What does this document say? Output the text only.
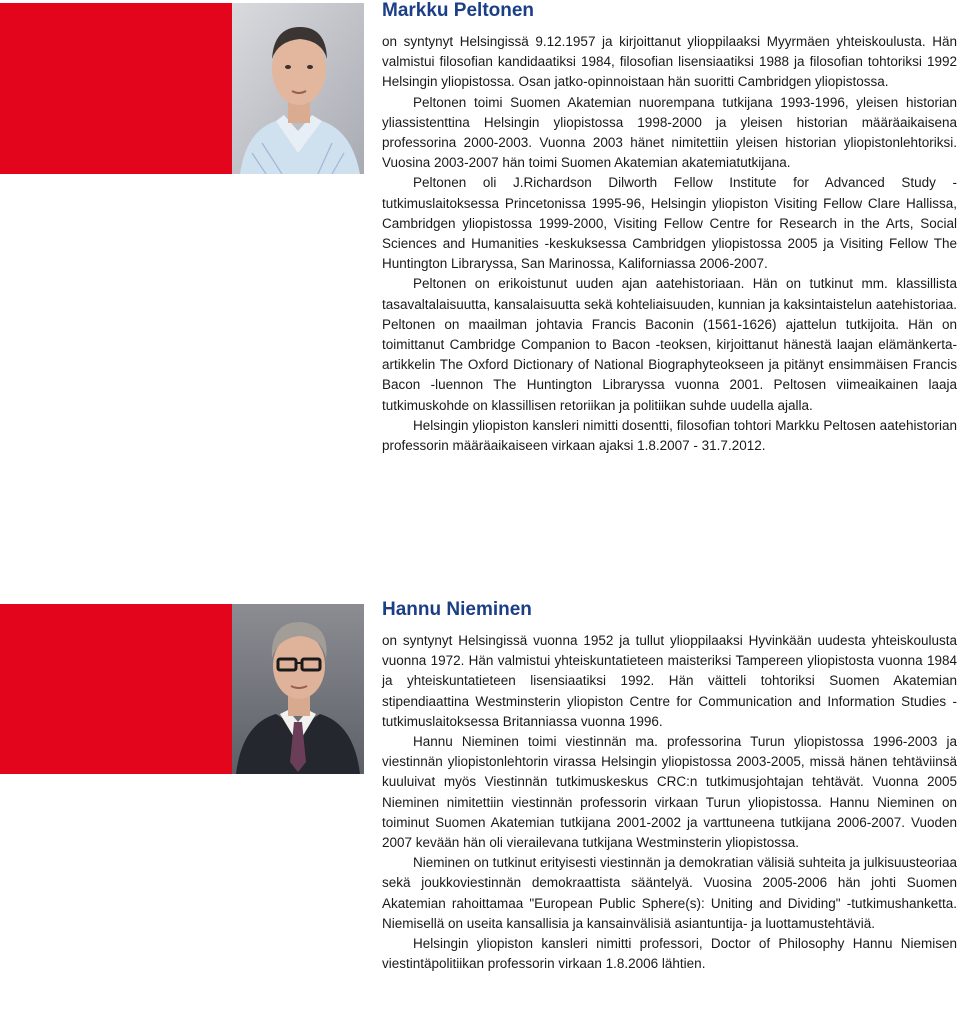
Markku Peltonen

on syntynyt Helsingissä 9.12.1957 ja kirjoittanut ylioppilaaksi Myyrmäen yhteiskoulusta. Hän valmistui filosofian kandidaatiksi 1984, filosofian lisensiaatiksi 1988 ja filosofian tohtoriksi 1992 Helsingin yliopistossa. Osan jatko-opinnoistaan hän suoritti Cambridgen yliopistossa.

Peltonen toimi Suomen Akatemian nuorempana tutkijana 1993-1996, yleisen historian yliassistenttina Helsingin yliopistossa 1998-2000 ja yleisen historian määräaikaisena professorina 2000-2003. Vuonna 2003 hänet nimitettiin yleisen historian yliopistonlehtoriksi. Vuosina 2003-2007 hän toimi Suomen Akatemian akatemiatutkijana.

Peltonen oli J.Richardson Dilworth Fellow Institute for Advanced Study -tutkimuslaitoksessa Princetonissa 1995-96, Helsingin yliopiston Visiting Fellow Clare Hallissa, Cambridgen yliopistossa 1999-2000, Visiting Fellow Centre for Research in the Arts, Social Sciences and Humanities -keskuksessa Cambridgen yliopistossa 2005 ja Visiting Fellow The Huntington Libraryssa, San Marinossa, Kaliforniassa 2006-2007.

Peltonen on erikoistunut uuden ajan aatehistoriaan. Hän on tutkinut mm. klassillista tasavaltalaisuutta, kansalaisuutta sekä kohteliaisuuden, kunnian ja kaksintaistelun aatehistoriaa. Peltonen on maailman johtavia Francis Baconin (1561-1626) ajattelun tutkijoita. Hän on toimittanut Cambridge Companion to Bacon -teoksen, kirjoittanut hänestä laajan elämänkerta-artikkelin The Oxford Dictionary of National Biographyteokseen ja pitänyt ensimmäisen Francis Bacon -luennon The Huntington Libraryssa vuonna 2001. Peltosen viimeaikainen laaja tutkimuskohde on klassillisen retoriikan ja politiikan suhde uudella ajalla.

Helsingin yliopiston kansleri nimitti dosentti, filosofian tohtori Markku Peltosen aatehistorian professorin määräaikaiseen virkaan ajaksi 1.8.2007 - 31.7.2012.

Hannu Nieminen

on syntynyt Helsingissä vuonna 1952 ja tullut ylioppilaaksi Hyvinkään uudesta yhteiskoulusta vuonna 1972. Hän valmistui yhteiskuntatieteen maisteriksi Tampereen yliopistosta vuonna 1984 ja yhteiskuntatieteen lisensiaatiksi 1992. Hän väitteli tohtoriksi Suomen Akatemian stipendiaattina Westminsterin yliopiston Centre for Communication and Information Studies -tutkimuslaitoksessa Britanniassa vuonna 1996.

Hannu Nieminen toimi viestinnän ma. professorina Turun yliopistossa 1996-2003 ja viestinnän yliopistonlehtorin virassa Helsingin yliopistossa 2003-2005, missä hänen tehtäviinsä kuuluivat myös Viestinnän tutkimuskeskus CRC:n tutkimusjohtajan tehtävät. Vuonna 2005 Nieminen nimitettiin viestinnän professorin virkaan Turun yliopistossa. Hannu Nieminen on toiminut Suomen Akatemian tutkijana 2001-2002 ja varttuneena tutkijana 2006-2007. Vuoden 2007 kevään hän oli vierailevana tutkijana Westminsterin yliopistossa.

Nieminen on tutkinut erityisesti viestinnän ja demokratian välisiä suhteita ja julkisuusteoriaa sekä joukkoviestinnän demokraattista sääntelyä. Vuosina 2005-2006 hän johti Suomen Akatemian rahoittamaa "European Public Sphere(s): Uniting and Dividing" -tutkimushanketta. Niemisellä on useita kansallisia ja kansainvälisiä asiantuntija- ja luottamustehtäviä.

Helsingin yliopiston kansleri nimitti professori, Doctor of Philosophy Hannu Niemisen viestintäpolitiikan professorin virkaan 1.8.2006 lähtien.
